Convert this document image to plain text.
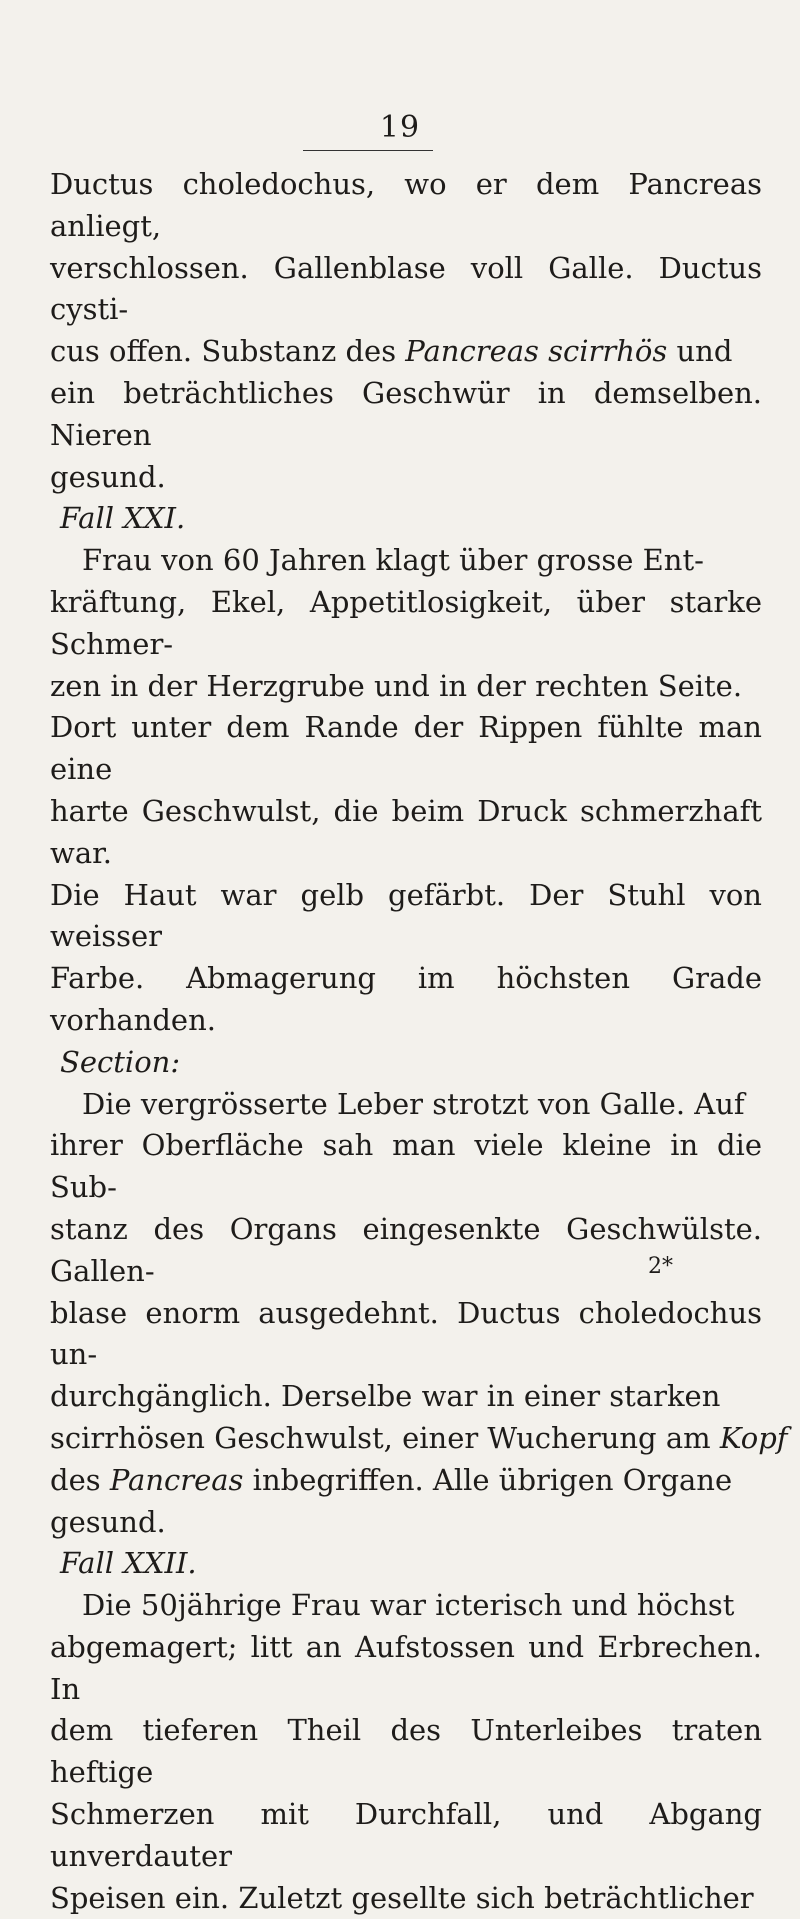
19

Ductus choledochus, wo er dem Pancreas anliegt,
verschlossen. Gallenblase voll Galle. Ductus cysti-
cus offen. Substanz des Pancreas scirrhös und
ein beträchtliches Geschwür in demselben. Nieren
gesund.

Fall XXI.

Frau von 60 Jahren klagt über grosse Ent-
kräftung, Ekel, Appetitlosigkeit, über starke Schmer-
zen in der Herzgrube und in der rechten Seite.
Dort unter dem Rande der Rippen fühlte man eine
harte Geschwulst, die beim Druck schmerzhaft war.
Die Haut war gelb gefärbt. Der Stuhl von weisser
Farbe. Abmagerung im höchsten Grade vorhanden.

Section:

Die vergrösserte Leber strotzt von Galle. Auf
ihrer Oberfläche sah man viele kleine in die Sub-
stanz des Organs eingesenkte Geschwülste. Gallen-
blase enorm ausgedehnt. Ductus choledochus un-
durchgänglich. Derselbe war in einer starken
scirrhösen Geschwulst, einer Wucherung am Kopf
des Pancreas inbegriffen. Alle übrigen Organe
gesund.

Fall XXII.

Die 50jährige Frau war icterisch und höchst
abgemagert; litt an Aufstossen und Erbrechen. In
dem tieferen Theil des Unterleibes traten heftige
Schmerzen mit Durchfall, und Abgang unverdauter
Speisen ein. Zuletzt gesellte sich beträchtlicher

2*
